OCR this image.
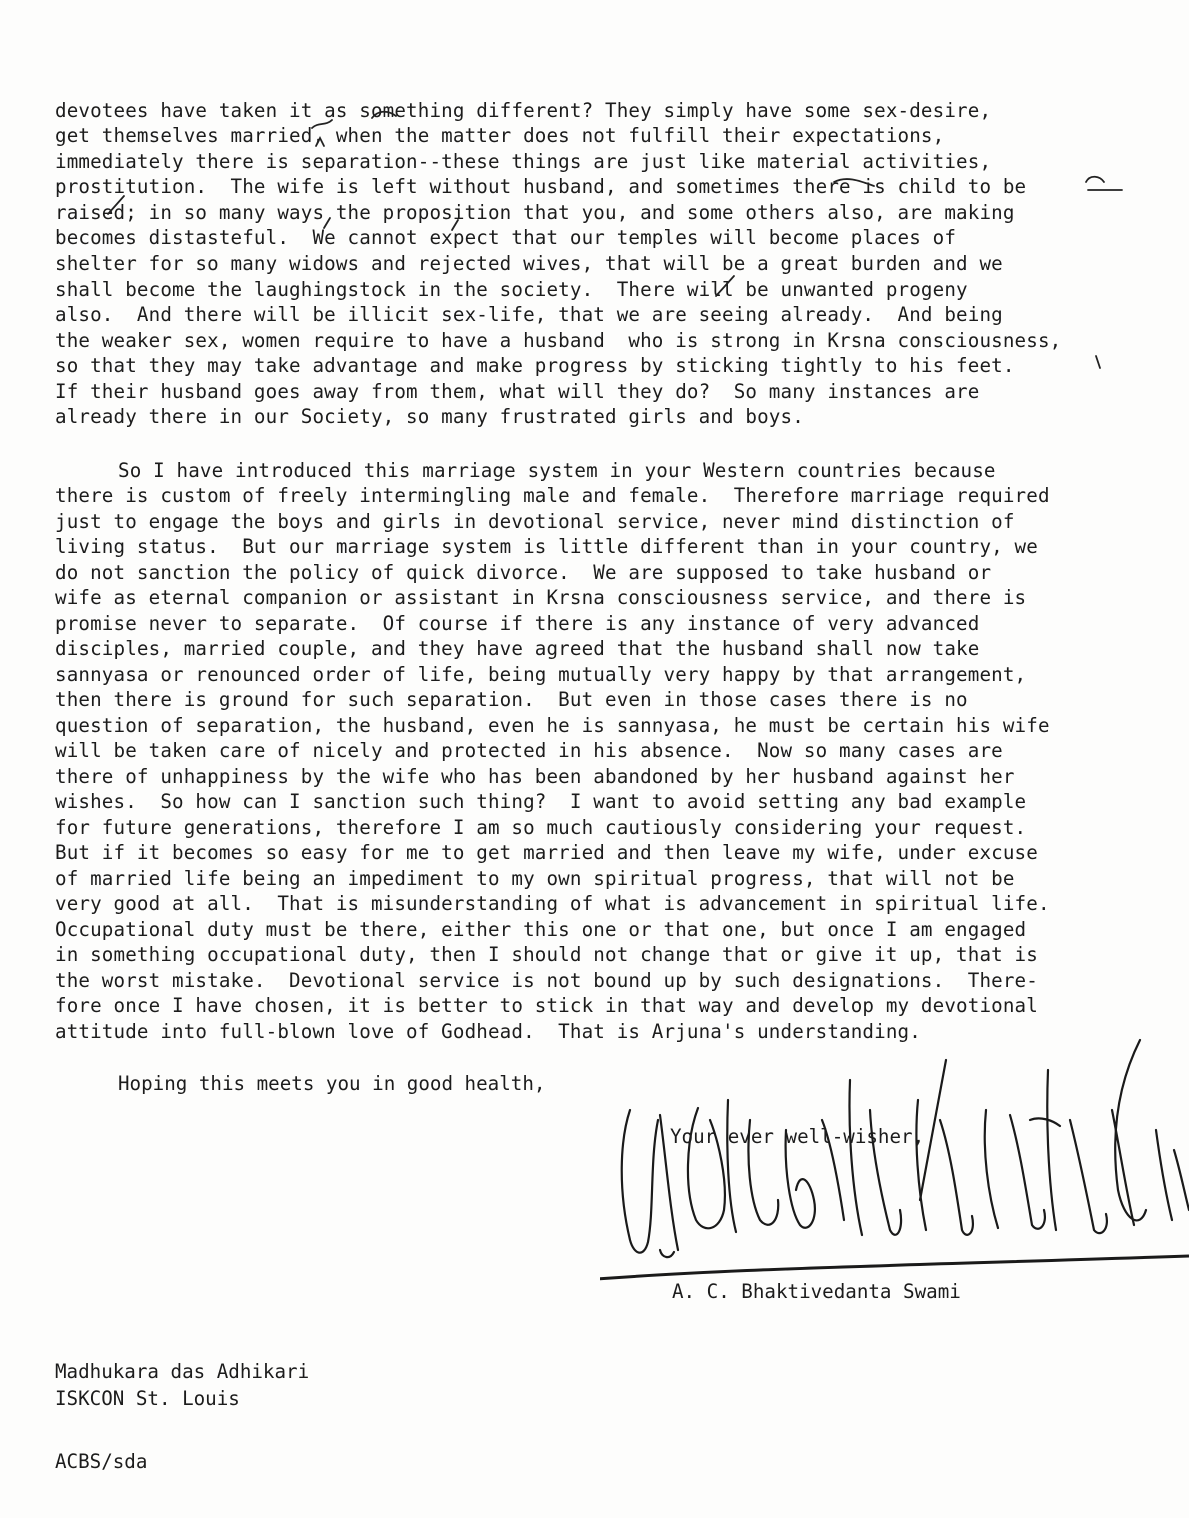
devotees have taken it as something different? They simply have some sex-desire,

get themselves married, when the matter does not fulfill their expectations,

immediately there is separation--these things are just like material activities,

prostitution.  The wife is left without husband, and sometimes there is child to be

raised; in so many ways the proposition that you, and some others also, are making

becomes distasteful.  We cannot expect that our temples will become places of

shelter for so many widows and rejected wives, that will be a great burden and we

shall become the laughingstock in the society.  There will be unwanted progeny

also.  And there will be illicit sex-life, that we are seeing already.  And being

the weaker sex, women require to have a husband  who is strong in Krsna consciousness,

so that they may take advantage and make progress by sticking tightly to his feet.

If their husband goes away from them, what will they do?  So many instances are

already there in our Society, so many frustrated girls and boys.

So I have introduced this marriage system in your Western countries because

there is custom of freely intermingling male and female.  Therefore marriage required

just to engage the boys and girls in devotional service, never mind distinction of

living status.  But our marriage system is little different than in your country, we

do not sanction the policy of quick divorce.  We are supposed to take husband or

wife as eternal companion or assistant in Krsna consciousness service, and there is

promise never to separate.  Of course if there is any instance of very advanced

disciples, married couple, and they have agreed that the husband shall now take

sannyasa or renounced order of life, being mutually very happy by that arrangement,

then there is ground for such separation.  But even in those cases there is no

question of separation, the husband, even he is sannyasa, he must be certain his wife

will be taken care of nicely and protected in his absence.  Now so many cases are

there of unhappiness by the wife who has been abandoned by her husband against her

wishes.  So how can I sanction such thing?  I want to avoid setting any bad example

for future generations, therefore I am so much cautiously considering your request.

But if it becomes so easy for me to get married and then leave my wife, under excuse

of married life being an impediment to my own spiritual progress, that will not be

very good at all.  That is misunderstanding of what is advancement in spiritual life.

Occupational duty must be there, either this one or that one, but once I am engaged

in something occupational duty, then I should not change that or give it up, that is

the worst mistake.  Devotional service is not bound up by such designations.  There-

fore once I have chosen, it is better to stick in that way and develop my devotional

attitude into full-blown love of Godhead.  That is Arjuna's understanding.

Hoping this meets you in good health,

Your ever well-wisher,

A. C. Bhaktivedanta Swami

Madhukara das Adhikari

ISKCON St. Louis

ACBS/sda
